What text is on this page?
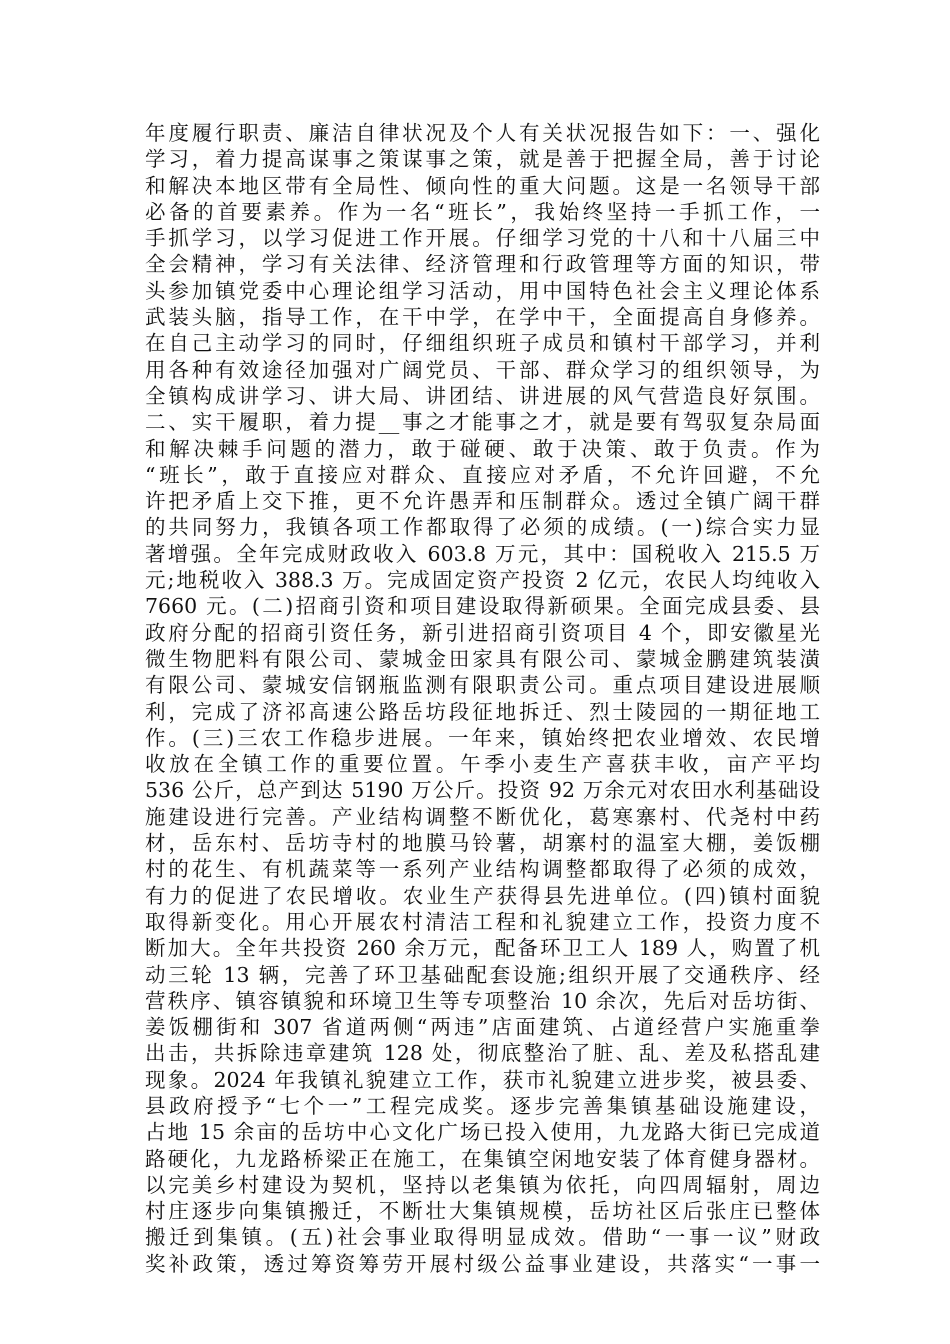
年度履行职责、廉洁自律状况及个人有关状况报告如下：一、强化
学习，着力提高谋事之策谋事之策，就是善于把握全局，善于讨论
和解决本地区带有全局性、倾向性的重大问题。这是一名领导干部
必备的首要素养。作为一名“班长”，我始终坚持一手抓工作，一
手抓学习，以学习促进工作开展。仔细学习党的十八和十八届三中
全会精神，学习有关法律、经济管理和行政管理等方面的知识，带
头参加镇党委中心理论组学习活动，用中国特色社会主义理论体系
武装头脑，指导工作，在干中学，在学中干，全面提高自身修养。
在自己主动学习的同时，仔细组织班子成员和镇村干部学习，并利
用各种有效途径加强对广阔党员、干部、群众学习的组织领导，为
全镇构成讲学习、讲大局、讲团结、讲进展的风气营造良好氛围。
二、实干履职，着力提__事之才能事之才，就是要有驾驭复杂局面
和解决棘手问题的潜力，敢于碰硬、敢于决策、敢于负责。作为
“班长”，敢于直接应对群众、直接应对矛盾，不允许回避，不允
许把矛盾上交下推，更不允许愚弄和压制群众。透过全镇广阔干群
的共同努力，我镇各项工作都取得了必须的成绩。(一)综合实力显
著增强。全年完成财政收入 603.8 万元，其中：国税收入 215.5 万
元;地税收入 388.3 万。完成固定资产投资 2 亿元，农民人均纯收入
7660 元。(二)招商引资和项目建设取得新硕果。全面完成县委、县
政府分配的招商引资任务，新引进招商引资项目 4 个，即安徽星光
微生物肥料有限公司、蒙城金田家具有限公司、蒙城金鹏建筑装潢
有限公司、蒙城安信钢瓶监测有限职责公司。重点项目建设进展顺
利，完成了济祁高速公路岳坊段征地拆迁、烈士陵园的一期征地工
作。(三)三农工作稳步进展。一年来，镇始终把农业增效、农民增
收放在全镇工作的重要位置。午季小麦生产喜获丰收，亩产平均
536 公斤，总产到达 5190 万公斤。投资 92 万余元对农田水利基础设
施建设进行完善。产业结构调整不断优化，葛寒寨村、代尧村中药
材，岳东村、岳坊寺村的地膜马铃薯，胡寨村的温室大棚，姜饭棚
村的花生、有机蔬菜等一系列产业结构调整都取得了必须的成效，
有力的促进了农民增收。农业生产获得县先进单位。(四)镇村面貌
取得新变化。用心开展农村清洁工程和礼貌建立工作，投资力度不
断加大。全年共投资 260 余万元，配备环卫工人 189 人，购置了机
动三轮 13 辆，完善了环卫基础配套设施;组织开展了交通秩序、经
营秩序、镇容镇貌和环境卫生等专项整治 10 余次，先后对岳坊街、
姜饭棚街和 307 省道两侧“两违”店面建筑、占道经营户实施重拳
出击，共拆除违章建筑 128 处，彻底整治了脏、乱、差及私搭乱建
现象。2024 年我镇礼貌建立工作，获市礼貌建立进步奖，被县委、
县政府授予“七个一”工程完成奖。逐步完善集镇基础设施建设，
占地 15 余亩的岳坊中心文化广场已投入使用，九龙路大街已完成道
路硬化，九龙路桥梁正在施工，在集镇空闲地安装了体育健身器材。
以完美乡村建设为契机，坚持以老集镇为依托，向四周辐射，周边
村庄逐步向集镇搬迁，不断壮大集镇规模，岳坊社区后张庄已整体
搬迁到集镇。(五)社会事业取得明显成效。借助“一事一议”财政
奖补政策，透过筹资筹劳开展村级公益事业建设，共落实“一事一
